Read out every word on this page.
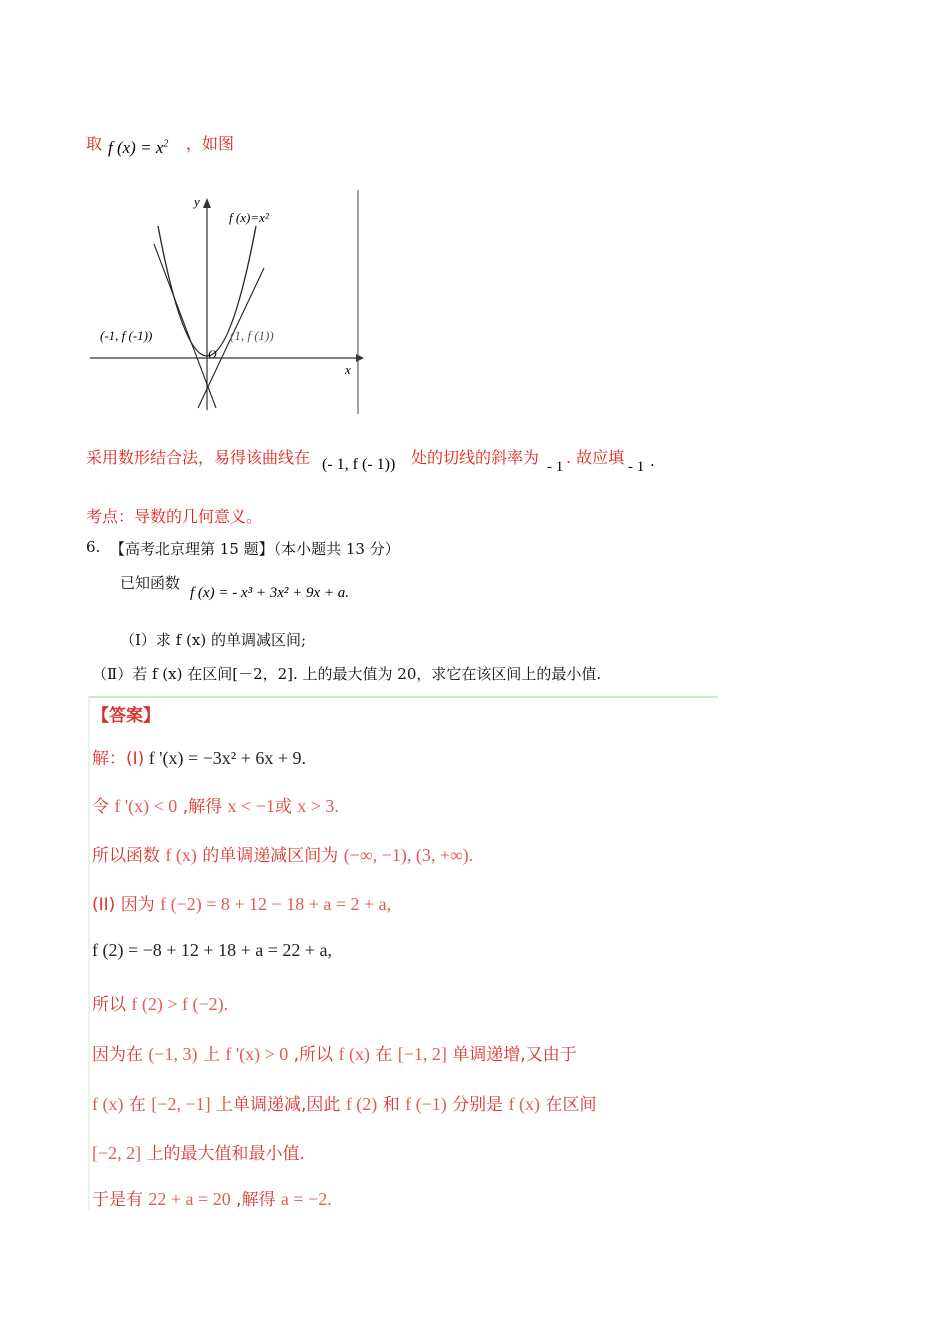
取 f $(x) = x^2$ ，如图
y
x
f (x)=x²
O
(-1, f (-1))	(1, f (1))
采用数形结合法，易得该曲线在 (- 1, f (- 1)) 处的切线的斜率为 - 1 . 故应填 - 1 .
考点：导数的几何意义。
6. 【高考北京理第 15 题】（本小题共 13 分）
已知函数
f (x) = - x³ + 3x² + 9x + a.
（Ⅰ）求 f (x) 的单调减区间;
（Ⅱ）若 f (x) 在区间[－2，2]. 上的最大值为 20，求它在该区间上的最小值.
【答案】
解：(I) f '(x) = −3x² + 6x + 9.
令 f '(x) < 0 ,解得 x < −1或 x > 3.
所以函数 f (x) 的单调递减区间为 (−∞, −1), (3, +∞).
(II) 因为 f (−2) = 8 + 12 − 18 + a = 2 + a,
f (2) = −8 + 12 + 18 + a = 22 + a,
所以 f (2) > f (−2).
因为在 (−1, 3) 上 f '(x) > 0 ,所以 f (x) 在 [−1, 2] 单调递增,又由于
f (x) 在 [−2, −1] 上单调递减,因此 f (2) 和 f (−1) 分别是 f (x) 在区间
[−2, 2] 上的最大值和最小值.
于是有 22 + a = 20 ,解得 a = −2.
